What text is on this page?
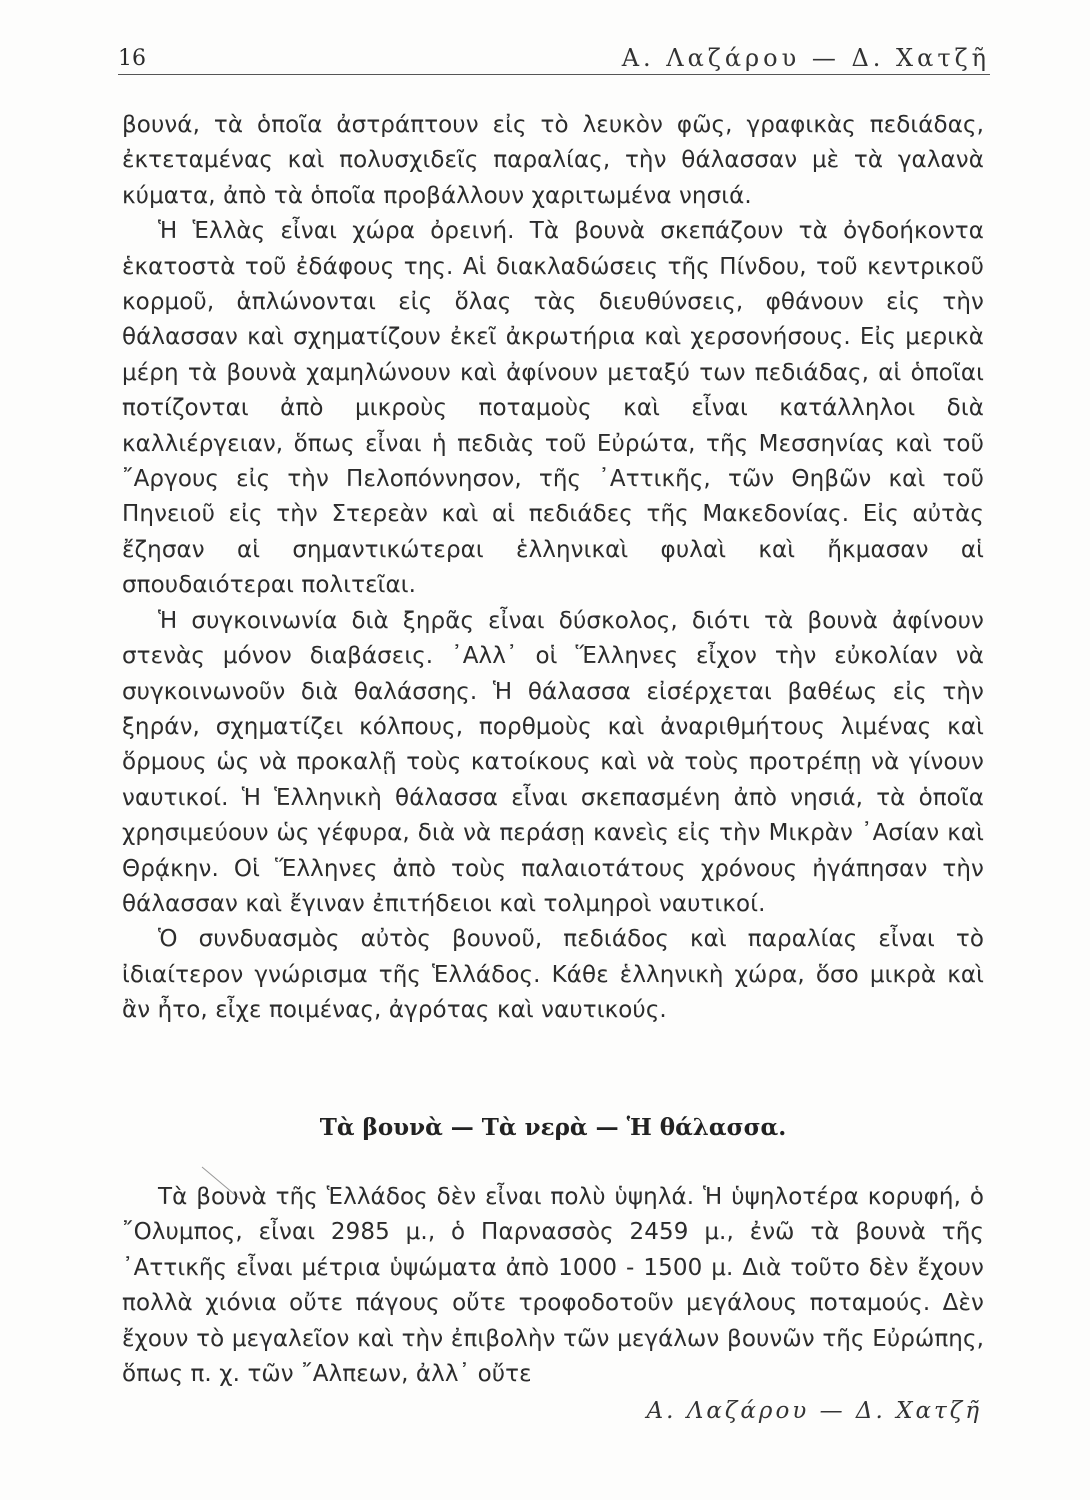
16	Α. Λαζάρου — Δ. Χατζῆ

βουνά, τὰ ὁποῖα ἀστράπτουν εἰς τὸ λευκὸν φῶς, γραφικὰς πεδιάδας, ἐκτεταμένας καὶ πολυσχιδεῖς παραλίας, τὴν θάλασσαν μὲ τὰ γαλανὰ κύματα, ἀπὸ τὰ ὁποῖα προβάλλουν χαριτωμένα νησιά.

Ἡ Ἑλλὰς εἶναι χώρα ὀρεινή. Τὰ βουνὰ σκεπάζουν τὰ ὀγδοήκοντα ἑκατοστὰ τοῦ ἐδάφους της. Αἱ διακλαδώσεις τῆς Πίνδου, τοῦ κεντρικοῦ κορμοῦ, ἁπλώνονται εἰς ὅλας τὰς διευθύνσεις, φθάνουν εἰς τὴν θάλασσαν καὶ σχηματίζουν ἐκεῖ ἀκρωτήρια καὶ χερσονήσους. Εἰς μερικὰ μέρη τὰ βουνὰ χαμηλώνουν καὶ ἀφίνουν μεταξύ των πεδιάδας, αἱ ὁποῖαι ποτίζονται ἀπὸ μικροὺς ποταμοὺς καὶ εἶναι κατάλληλοι διὰ καλλιέργειαν, ὅπως εἶναι ἡ πεδιὰς τοῦ Εὐρώτα, τῆς Μεσσηνίας καὶ τοῦ ῎Αργους εἰς τὴν Πελοπόννησον, τῆς ᾿Αττικῆς, τῶν Θηβῶν καὶ τοῦ Πηνειοῦ εἰς τὴν Στερεὰν καὶ αἱ πεδιάδες τῆς Μακεδονίας. Εἰς αὐτὰς ἔζησαν αἱ σημαντικώτεραι ἑλληνικαὶ φυλαὶ καὶ ἤκμασαν αἱ σπουδαιότεραι πολιτεῖαι.

Ἡ συγκοινωνία διὰ ξηρᾶς εἶναι δύσκολος, διότι τὰ βουνὰ ἀφίνουν στενὰς μόνον διαβάσεις. ᾿Αλλ᾿ οἱ Ἕλληνες εἶχον τὴν εὐκολίαν νὰ συγκοινωνοῦν διὰ θαλάσσης. Ἡ θάλασσα εἰσέρχεται βαθέως εἰς τὴν ξηράν, σχηματίζει κόλπους, πορθμοὺς καὶ ἀναριθμήτους λιμένας καὶ ὅρμους ὡς νὰ προκαλῇ τοὺς κατοίκους καὶ νὰ τοὺς προτρέπῃ νὰ γίνουν ναυτικοί. Ἡ Ἑλληνικὴ θάλασσα εἶναι σκεπασμένη ἀπὸ νησιά, τὰ ὁποῖα χρησιμεύουν ὡς γέφυρα, διὰ νὰ περάσῃ κανεὶς εἰς τὴν Μικρὰν ᾿Ασίαν καὶ Θρᾴκην. Οἱ Ἕλληνες ἀπὸ τοὺς παλαιοτάτους χρόνους ἠγάπησαν τὴν θάλασσαν καὶ ἔγιναν ἐπιτήδειοι καὶ τολμηροὶ ναυτικοί.

Ὁ συνδυασμὸς αὐτὸς βουνοῦ, πεδιάδος καὶ παραλίας εἶναι τὸ ἰδιαίτερον γνώρισμα τῆς Ἑλλάδος. Κάθε ἑλληνικὴ χώρα, ὅσο μικρὰ καὶ ἂν ἦτο, εἶχε ποιμένας, ἀγρότας καὶ ναυτικούς.

Τὰ βουνὰ — Τὰ νερὰ — Ἡ θάλασσα.

Τὰ βουνὰ τῆς Ἑλλάδος δὲν εἶναι πολὺ ὑψηλά. Ἡ ὑψηλοτέρα κορυφή, ὁ ῎Ολυμπος, εἶναι 2985 μ., ὁ Παρνασσὸς 2459 μ., ἐνῶ τὰ βουνὰ τῆς ᾿Αττικῆς εἶναι μέτρια ὑψώματα ἀπὸ 1000 - 1500 μ. Διὰ τοῦτο δὲν ἔχουν πολλὰ χιόνια οὔτε πάγους οὔτε τροφοδοτοῦν μεγάλους ποταμούς. Δὲν ἔχουν τὸ μεγαλεῖον καὶ τὴν ἐπιβολὴν τῶν μεγάλων βουνῶν τῆς Εὐρώπης, ὅπως π. χ. τῶν ῎Αλπεων, ἀλλ᾿ οὔτε

Α. Λαζάρου — Δ. Χατζῆ
